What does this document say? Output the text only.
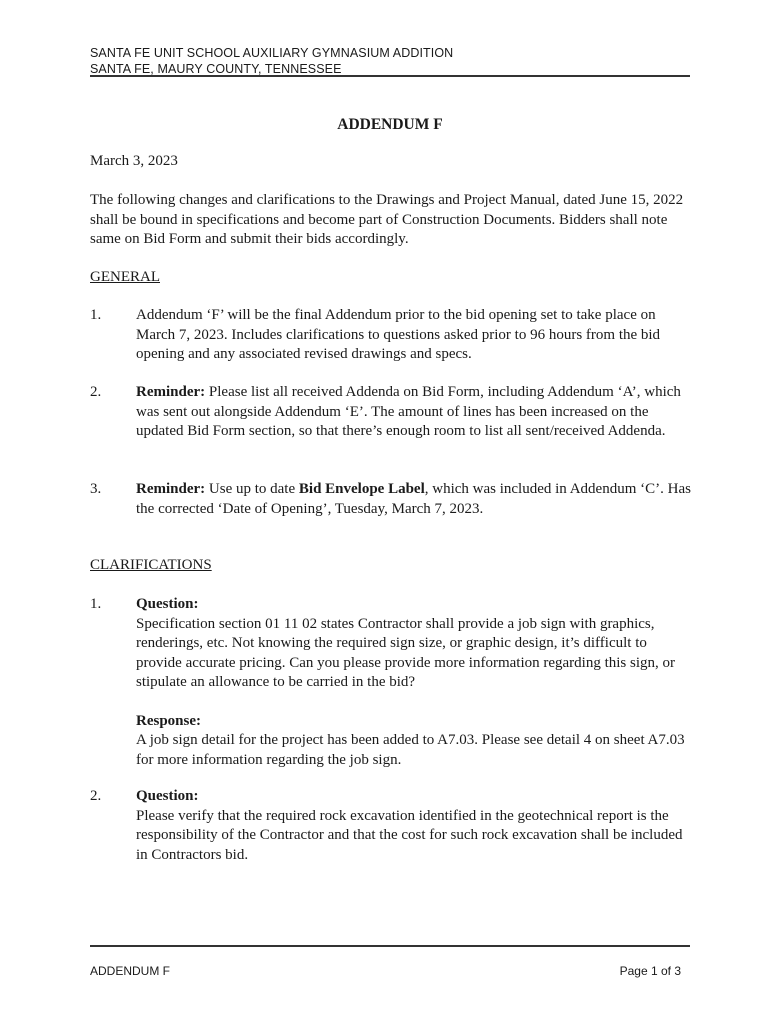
SANTA FE UNIT SCHOOL AUXILIARY GYMNASIUM ADDITION
SANTA FE, MAURY COUNTY, TENNESSEE
ADDENDUM F
March 3, 2023
The following changes and clarifications to the Drawings and Project Manual, dated June 15, 2022 shall be bound in specifications and become part of Construction Documents. Bidders shall note same on Bid Form and submit their bids accordingly.
GENERAL
1. Addendum ‘F’ will be the final Addendum prior to the bid opening set to take place on March 7, 2023. Includes clarifications to questions asked prior to 96 hours from the bid opening and any associated revised drawings and specs.
2. Reminder: Please list all received Addenda on Bid Form, including Addendum ‘A’, which was sent out alongside Addendum ‘E’. The amount of lines has been increased on the updated Bid Form section, so that there’s enough room to list all sent/received Addenda.
3. Reminder: Use up to date Bid Envelope Label, which was included in Addendum ‘C’. Has the corrected ‘Date of Opening’, Tuesday, March 7, 2023.
CLARIFICATIONS
1. Question:
Specification section 01 11 02 states Contractor shall provide a job sign with graphics, renderings, etc. Not knowing the required sign size, or graphic design, it’s difficult to provide accurate pricing. Can you please provide more information regarding this sign, or stipulate an allowance to be carried in the bid?
Response:
A job sign detail for the project has been added to A7.03. Please see detail 4 on sheet A7.03 for more information regarding the job sign.
2. Question:
Please verify that the required rock excavation identified in the geotechnical report is the responsibility of the Contractor and that the cost for such rock excavation shall be included in Contractors bid.
ADDENDUM F	Page 1 of 3
